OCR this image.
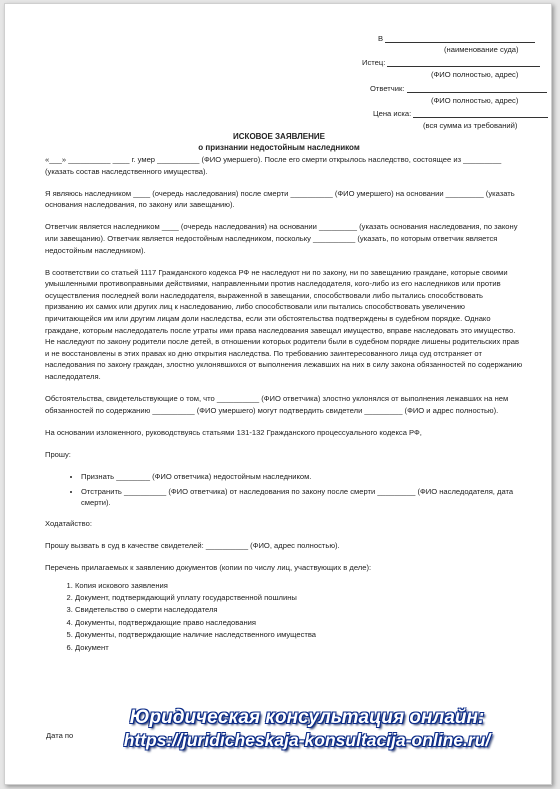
В
(наименование суда)
Истец:
(ФИО полностью, адрес)
Ответчик:
(ФИО полностью, адрес)
Цена иска:
(вся сумма из требований)
ИСКОВОЕ ЗАЯВЛЕНИЕ
о признании недостойным наследником

«___» __________ ____ г. умер __________ (ФИО умершего). После его смерти открылось наследство, состоящее из _________ (указать состав наследственного имущества).

Я являюсь наследником ____ (очередь наследования) после смерти __________ (ФИО умершего) на основании _________ (указать основания наследования, по закону или завещанию).

Ответчик является наследником ____ (очередь наследования) на основании _________ (указать основания наследования, по закону или завещанию). Ответчик является недостойным наследником, поскольку __________ (указать, по которым ответчик является недостойным наследником).

В соответствии со статьей 1117 Гражданского кодекса РФ не наследуют ни по закону, ни по завещанию граждане, которые своими умышленными противоправными действиями, направленными против наследодателя, кого-либо из его наследников или против осуществления последней воли наследодателя, выраженной в завещании, способствовали либо пытались способствовать призванию их самих или других лиц к наследованию, либо способствовали или пытались способствовать увеличению причитающейся им или другим лицам доли наследства, если эти обстоятельства подтверждены в судебном порядке. Однако граждане, которым наследодатель после утраты ими права наследования завещал имущество, вправе наследовать это имущество. Не наследуют по закону родители после детей, в отношении которых родители были в судебном порядке лишены родительских прав и не восстановлены в этих правах ко дню открытия наследства. По требованию заинтересованного лица суд отстраняет от наследования по закону граждан, злостно уклонявшихся от выполнения лежавших на них в силу закона обязанностей по содержанию наследодателя.

Обстоятельства, свидетельствующие о том, что __________ (ФИО ответчика) злостно уклонялся от выполнения лежавших на нем обязанностей по содержанию __________ (ФИО умершего) могут подтвердить свидетели _________ (ФИО и адрес полностью).

На основании изложенного, руководствуясь статьями 131-132 Гражданского процессуального кодекса РФ,

Прошу:

• Признать ________ (ФИО ответчика) недостойным наследником.
• Отстранить __________ (ФИО ответчика) от наследования по закону после смерти _________ (ФИО наследодателя, дата смерти).

Ходатайство:

Прошу вызвать в суд в качестве свидетелей: __________ (ФИО, адрес полностью).

Перечень прилагаемых к заявлению документов (копии по числу лиц, участвующих в деле):

1. Копия искового заявления
2. Документ, подтверждающий уплату государственной пошлины
3. Свидетельство о смерти наследодателя
4. Документы, подтверждающие право наследования
5. Документы, подтверждающие наличие наследственного имущества
6. Документ
Дата по
Юридическая консультация онлайн:
https://juridicheskaja-konsultacija-online.ru/
